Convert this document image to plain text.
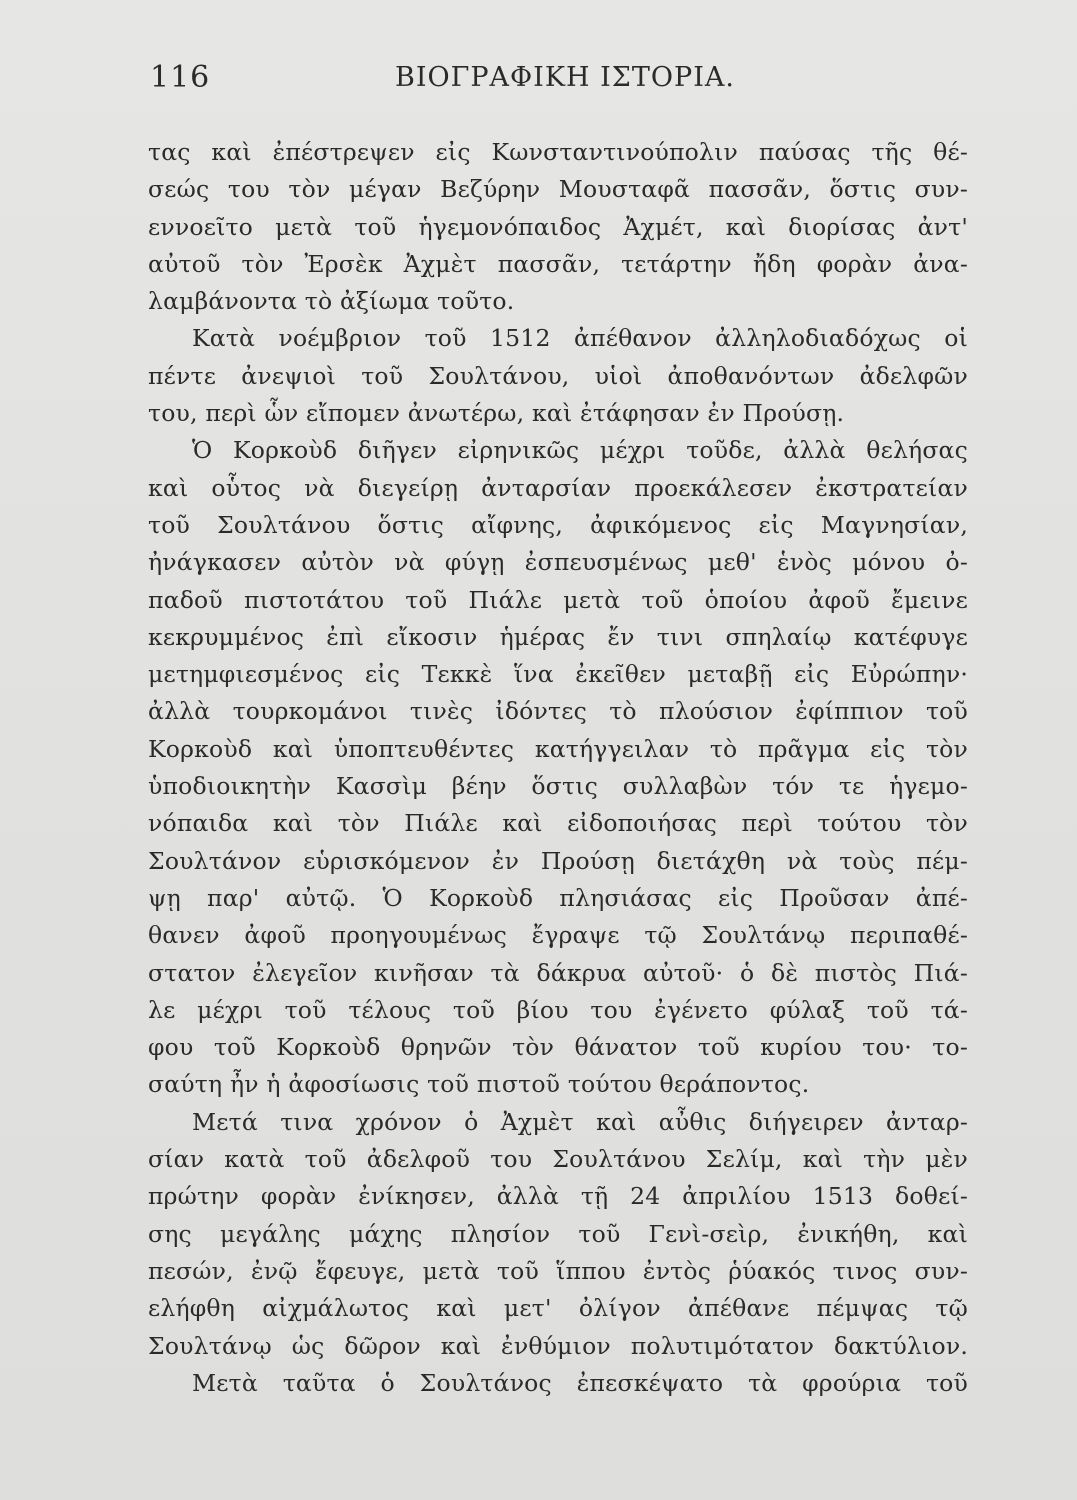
116	ΒΙΟΓΡΑΦΙΚΗ ΙΣΤΟΡΙΑ.
τας καὶ ἐπέστρεψεν εἰς Κωνσταντινούπολιν παύσας τῆς θέ-
σεώς του τὸν μέγαν Βεζύρην Μουσταφᾶ πασσᾶν, ὅστις συν-
εννοεῖτο μετὰ τοῦ ἡγεμονόπαιδος Ἀχμέτ, καὶ διορίσας ἀντ'
αὐτοῦ τὸν Ἐρσὲκ Ἀχμὲτ πασσᾶν, τετάρτην ἤδη φορὰν ἀνα-
λαμβάνοντα τὸ ἀξίωμα τοῦτο.
Κατὰ νοέμβριον τοῦ 1512 ἀπέθανον ἀλληλοδιαδόχως οἱ
πέντε ἀνεψιοὶ τοῦ Σουλτάνου, υἱοὶ ἀποθανόντων ἀδελφῶν
του, περὶ ὧν εἴπομεν ἀνωτέρω, καὶ ἐτάφησαν ἐν Προύσῃ.
Ὁ Κορκοὺδ διῆγεν εἰρηνικῶς μέχρι τοῦδε, ἀλλὰ θελήσας
καὶ οὗτος νὰ διεγείρῃ ἀνταρσίαν προεκάλεσεν ἐκστρατείαν
τοῦ Σουλτάνου ὅστις αἴφνης, ἀφικόμενος εἰς Μαγνησίαν,
ἠνάγκασεν αὐτὸν νὰ φύγῃ ἐσπευσμένως μεθ' ἑνὸς μόνου ὀ-
παδοῦ πιστοτάτου τοῦ Πιάλε μετὰ τοῦ ὁποίου ἀφοῦ ἔμεινε
κεκρυμμένος ἐπὶ εἴκοσιν ἡμέρας ἔν τινι σπηλαίῳ κατέφυγε
μετημφιεσμένος εἰς Τεκκὲ ἵνα ἐκεῖθεν μεταβῇ εἰς Εὐρώπην·
ἀλλὰ τουρκομάνοι τινὲς ἰδόντες τὸ πλούσιον ἐφίππιον τοῦ
Κορκοὺδ καὶ ὑποπτευθέντες κατήγγειλαν τὸ πρᾶγμα εἰς τὸν
ὑποδιοικητὴν Κασσὶμ βέην ὅστις συλλαβὼν τόν τε ἡγεμο-
νόπαιδα καὶ τὸν Πιάλε καὶ εἰδοποιήσας περὶ τούτου τὸν
Σουλτάνον εὑρισκόμενον ἐν Προύσῃ διετάχθη νὰ τοὺς πέμ-
ψῃ παρ' αὐτῷ. Ὁ Κορκοὺδ πλησιάσας εἰς Προῦσαν ἀπέ-
θανεν ἀφοῦ προηγουμένως ἔγραψε τῷ Σουλτάνῳ περιπαθέ-
στατον ἐλεγεῖον κινῆσαν τὰ δάκρυα αὐτοῦ· ὁ δὲ πιστὸς Πιά-
λε μέχρι τοῦ τέλους τοῦ βίου του ἐγένετο φύλαξ τοῦ τά-
φου τοῦ Κορκοὺδ θρηνῶν τὸν θάνατον τοῦ κυρίου του· το-
σαύτη ἦν ἡ ἀφοσίωσις τοῦ πιστοῦ τούτου θεράποντος.
Μετά τινα χρόνον ὁ Ἀχμὲτ καὶ αὖθις διήγειρεν ἀνταρ-
σίαν κατὰ τοῦ ἀδελφοῦ του Σουλτάνου Σελίμ, καὶ τὴν μὲν
πρώτην φορὰν ἐνίκησεν, ἀλλὰ τῇ 24 ἀπριλίου 1513 δοθεί-
σης μεγάλης μάχης πλησίον τοῦ Γενὶ-σεὶρ, ἐνικήθη, καὶ
πεσών, ἐνῷ ἔφευγε, μετὰ τοῦ ἵππου ἐντὸς ῥύακός τινος συν-
ελήφθη αἰχμάλωτος καὶ μετ' ὀλίγον ἀπέθανε πέμψας τῷ
Σουλτάνῳ ὡς δῶρον καὶ ἐνθύμιον πολυτιμότατον δακτύλιον.
Μετὰ ταῦτα ὁ Σουλτάνος ἐπεσκέψατο τὰ φρούρια τοῦ
